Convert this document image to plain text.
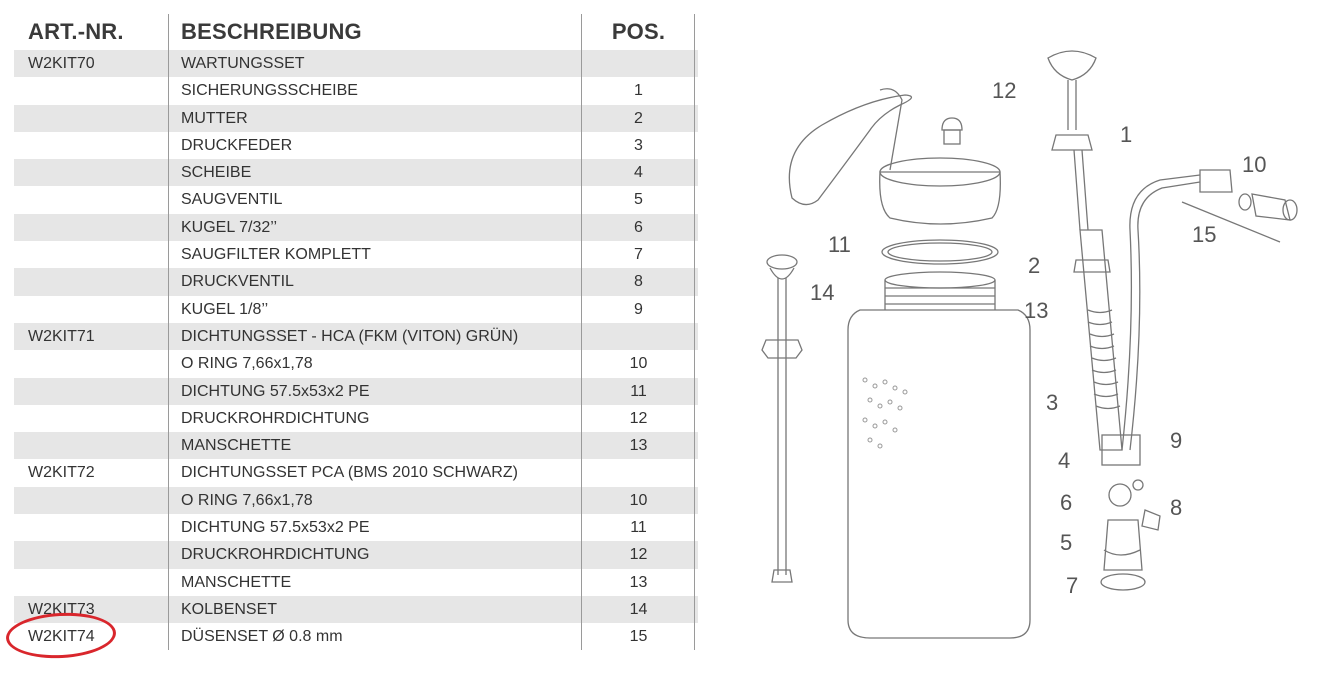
ART.-NR.	BESCHREIBUNG	POS.
W2KIT70	WARTUNGSSET
SICHERUNGSSCHEIBE	1
MUTTER	2
DRUCKFEDER	3
SCHEIBE	4
SAUGVENTIL	5
KUGEL 7/32’’	6
SAUGFILTER KOMPLETT	7
DRUCKVENTIL	8
KUGEL 1/8’’	9
W2KIT71	DICHTUNGSSET - HCA (FKM (VITON) GRÜN)
O RING 7,66x1,78	10
DICHTUNG 57.5x53x2 PE	11
DRUCKROHRDICHTUNG	12
MANSCHETTE	13
W2KIT72	DICHTUNGSSET PCA (BMS 2010 SCHWARZ)
O RING 7,66x1,78	10
DICHTUNG 57.5x53x2 PE	11
DRUCKROHRDICHTUNG	12
MANSCHETTE	13
W2KIT73	KOLBENSET	14
W2KIT74	DÜSENSET Ø 0.8 mm	15
12
1
10
15
11
2
14
13
3
9
4
6	8
5
7
